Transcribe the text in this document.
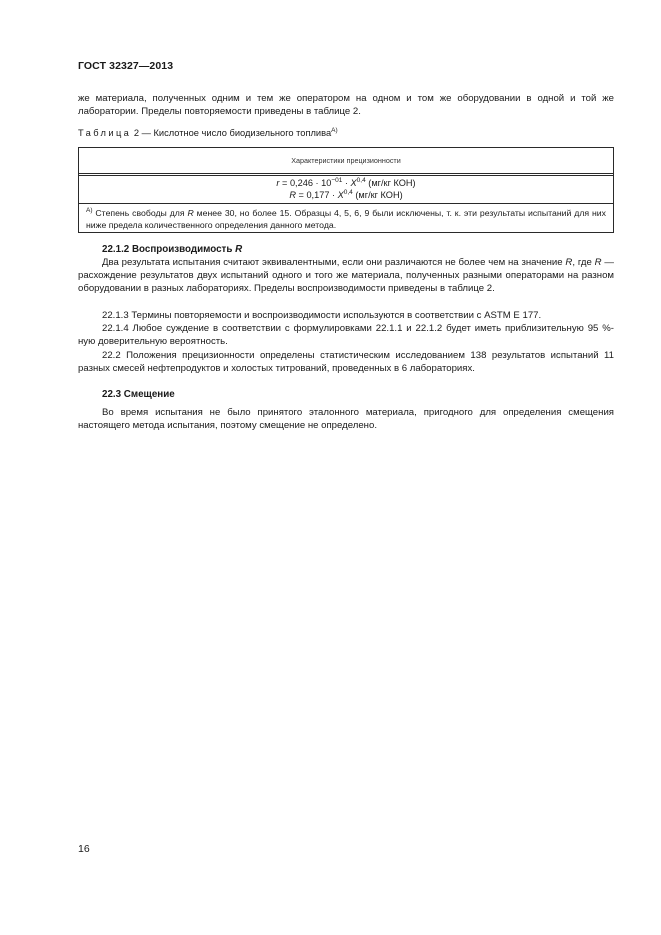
ГОСТ 32327—2013
же материала, полученных одним и тем же оператором на одном и том же оборудовании в одной и той же лаборатории. Пределы повторяемости приведены в таблице 2.
Таблица 2 — Кислотное число биодизельного топлива$^{А)}$
Характеристики прецизионности
$r = 0,246 \cdot 10^{-01} \cdot X^{0,4}$ (мг/кг КОН)
R = 0,177 · X$^{0,4}$ (мг/кг КОН)
$^{А)}$ Степень свободы для R менее 30, но более 15. Образцы 4, 5, 6, 9 были исключены, т. к. эти результаты испытаний для них ниже предела количественного определения данного метода.
22.1.2 Воспроизводимость R
Два результата испытания считают эквивалентными, если они различаются не более чем на значение R, где R — расхождение результатов двух испытаний одного и того же материала, полученных разными операторами на разном оборудовании в разных лабораториях. Пределы воспроизводимости приведены в таблице 2.
22.1.3 Термины повторяемости и воспроизводимости используются в соответствии с ASTM E 177.
22.1.4 Любое суждение в соответствии с формулировками 22.1.1 и 22.1.2 будет иметь приблизительную 95 %-ную доверительную вероятность.
22.2 Положения прецизионности определены статистическим исследованием 138 результатов испытаний 11 разных смесей нефтепродуктов и холостых титрований, проведенных в 6 лабораториях.
22.3 Смещение
Во время испытания не было принятого эталонного материала, пригодного для определения смещения настоящего метода испытания, поэтому смещение не определено.
16
